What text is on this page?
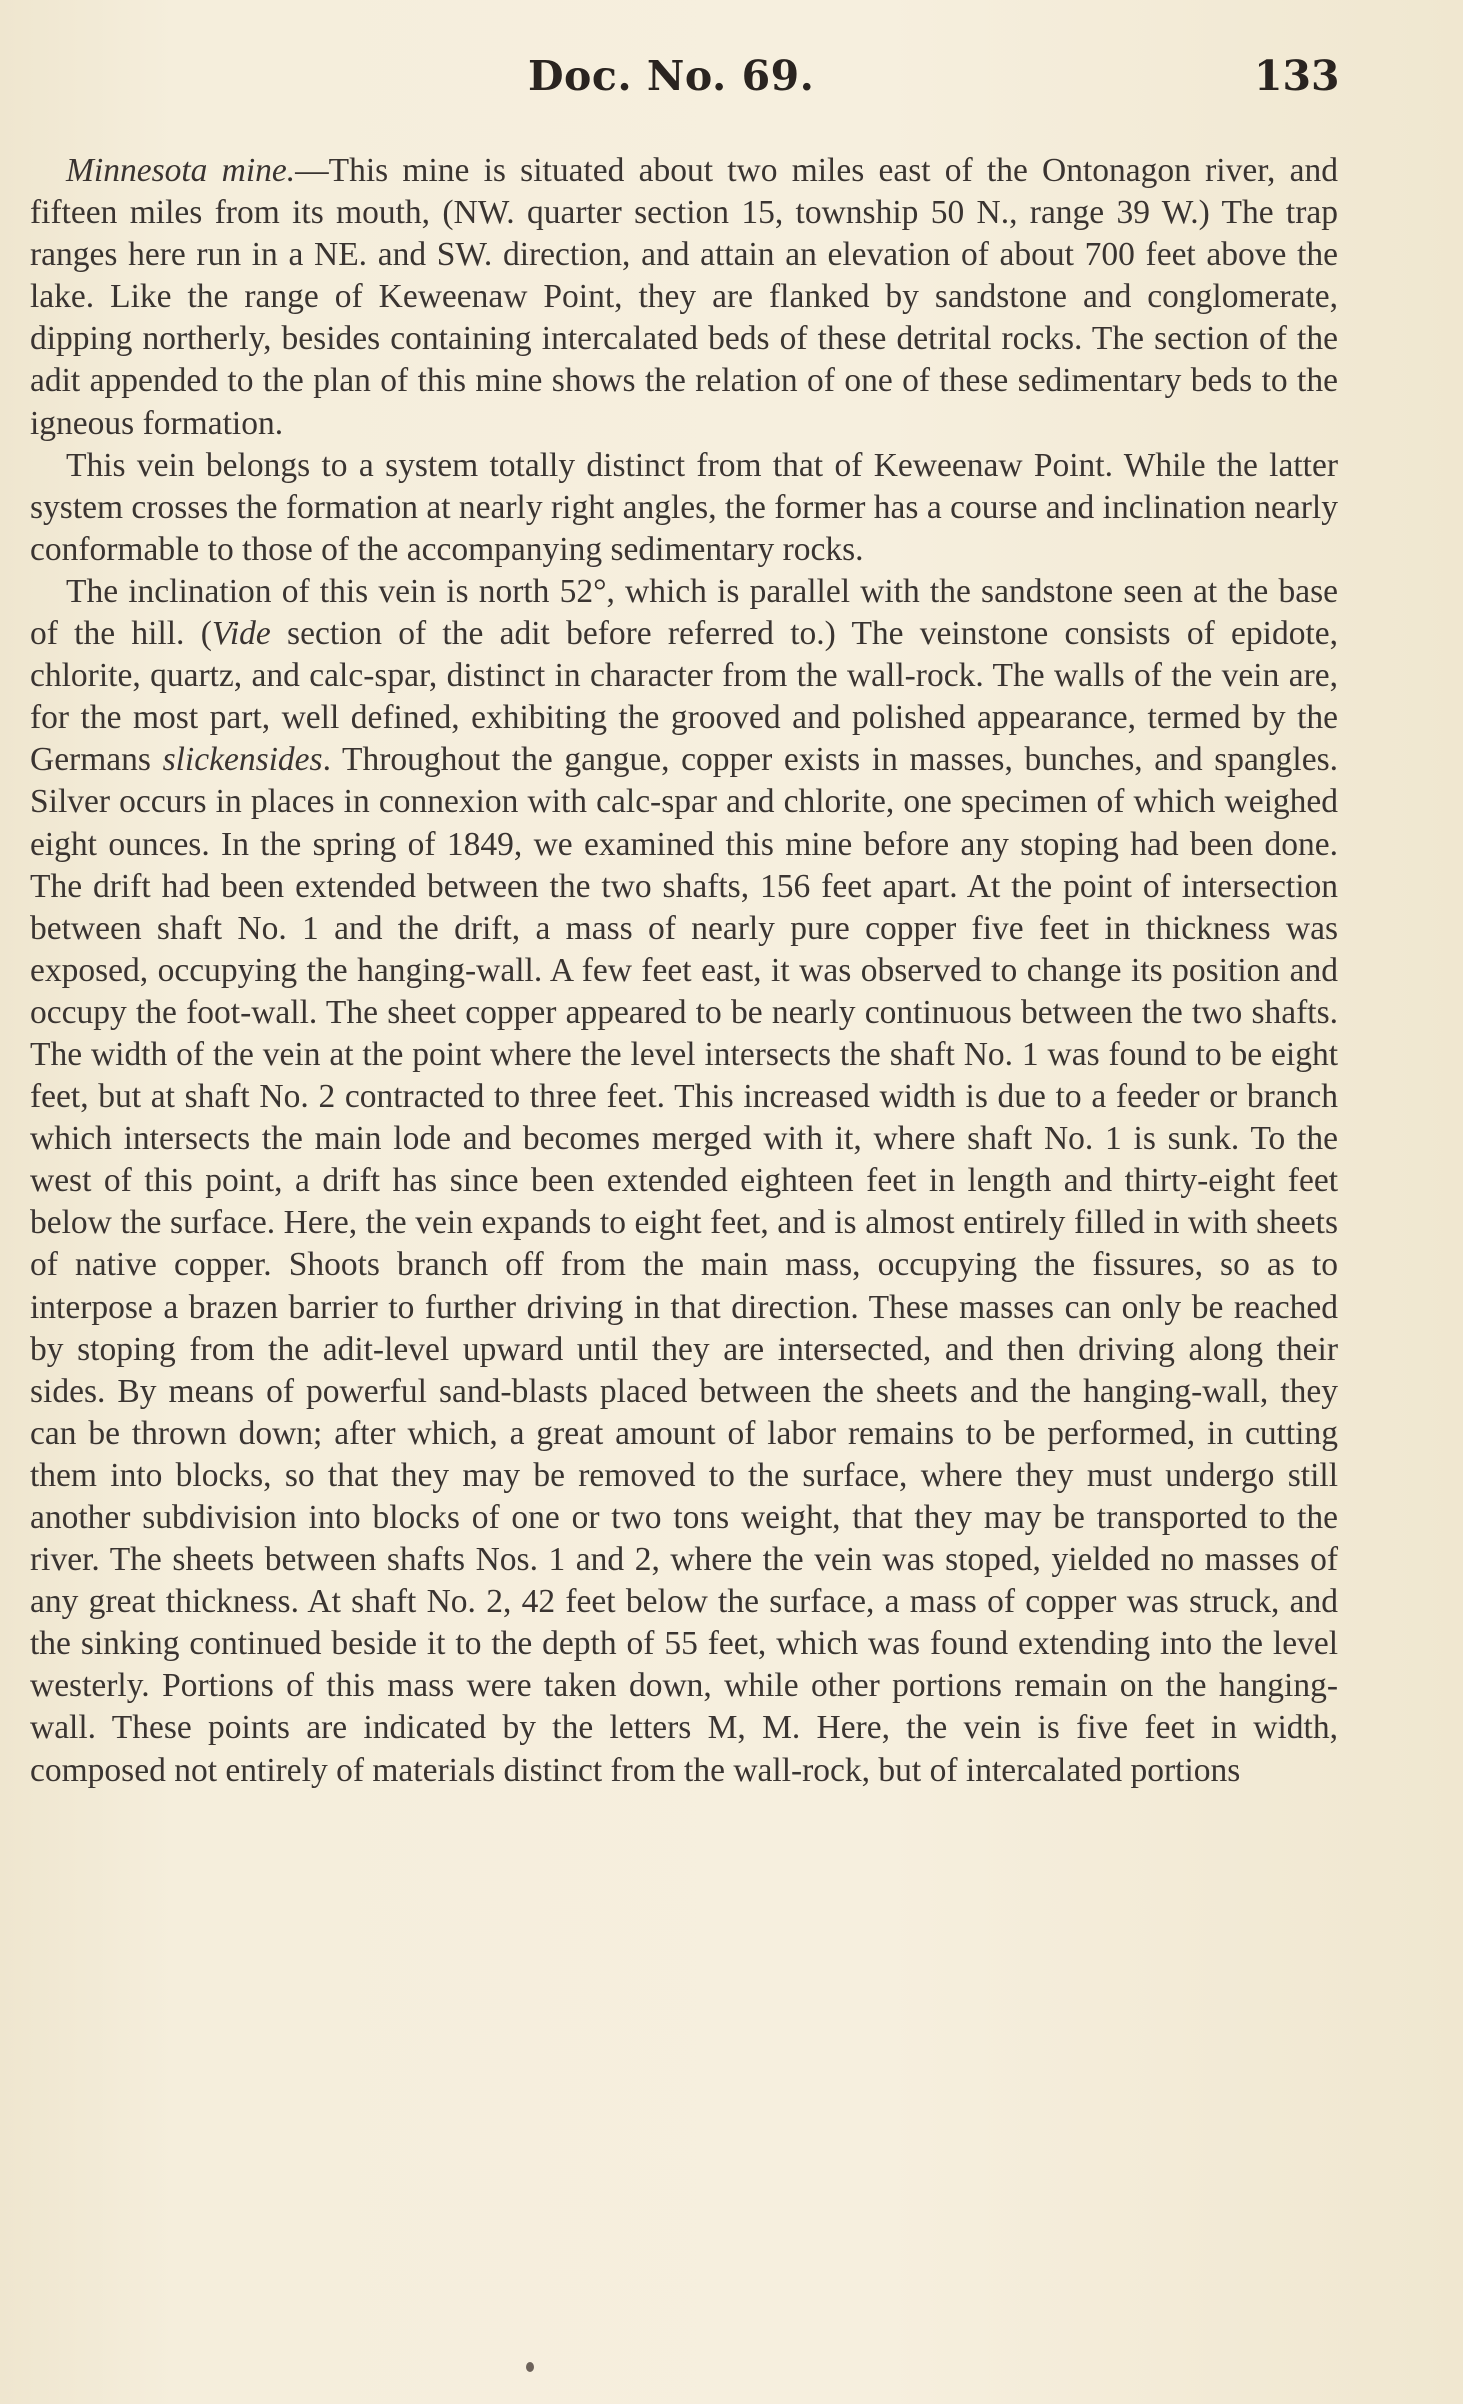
Doc. No. 69.	133

Minnesota mine.—This mine is situated about two miles east of the Ontonagon river, and fifteen miles from its mouth, (NW. quarter section 15, township 50 N., range 39 W.) The trap ranges here run in a NE. and SW. direction, and attain an elevation of about 700 feet above the lake. Like the range of Keweenaw Point, they are flanked by sandstone and conglomerate, dipping northerly, besides containing intercalated beds of these detrital rocks. The section of the adit appended to the plan of this mine shows the relation of one of these sedimentary beds to the igneous formation.

This vein belongs to a system totally distinct from that of Keweenaw Point. While the latter system crosses the formation at nearly right angles, the former has a course and inclination nearly conformable to those of the accompanying sedimentary rocks.

The inclination of this vein is north 52°, which is parallel with the sandstone seen at the base of the hill. (Vide section of the adit before referred to.) The veinstone consists of epidote, chlorite, quartz, and calc-spar, distinct in character from the wall-rock. The walls of the vein are, for the most part, well defined, exhibiting the grooved and polished appearance, termed by the Germans slickensides. Throughout the gangue, copper exists in masses, bunches, and spangles. Silver occurs in places in connexion with calc-spar and chlorite, one specimen of which weighed eight ounces. In the spring of 1849, we examined this mine before any stoping had been done. The drift had been extended between the two shafts, 156 feet apart. At the point of intersection between shaft No. 1 and the drift, a mass of nearly pure copper five feet in thickness was exposed, occupying the hanging-wall. A few feet east, it was observed to change its position and occupy the foot-wall. The sheet copper appeared to be nearly continuous between the two shafts. The width of the vein at the point where the level intersects the shaft No. 1 was found to be eight feet, but at shaft No. 2 contracted to three feet. This increased width is due to a feeder or branch which intersects the main lode and becomes merged with it, where shaft No. 1 is sunk. To the west of this point, a drift has since been extended eighteen feet in length and thirty-eight feet below the surface. Here, the vein expands to eight feet, and is almost entirely filled in with sheets of native copper. Shoots branch off from the main mass, occupying the fissures, so as to interpose a brazen barrier to further driving in that direction. These masses can only be reached by stoping from the adit-level upward until they are intersected, and then driving along their sides. By means of powerful sand-blasts placed between the sheets and the hanging-wall, they can be thrown down; after which, a great amount of labor remains to be performed, in cutting them into blocks, so that they may be removed to the surface, where they must undergo still another subdivision into blocks of one or two tons weight, that they may be transported to the river. The sheets between shafts Nos. 1 and 2, where the vein was stoped, yielded no masses of any great thickness. At shaft No. 2, 42 feet below the surface, a mass of copper was struck, and the sinking continued beside it to the depth of 55 feet, which was found extending into the level westerly. Portions of this mass were taken down, while other portions remain on the hanging-wall. These points are indicated by the letters M, M. Here, the vein is five feet in width, composed not entirely of materials distinct from the wall-rock, but of intercalated portions
